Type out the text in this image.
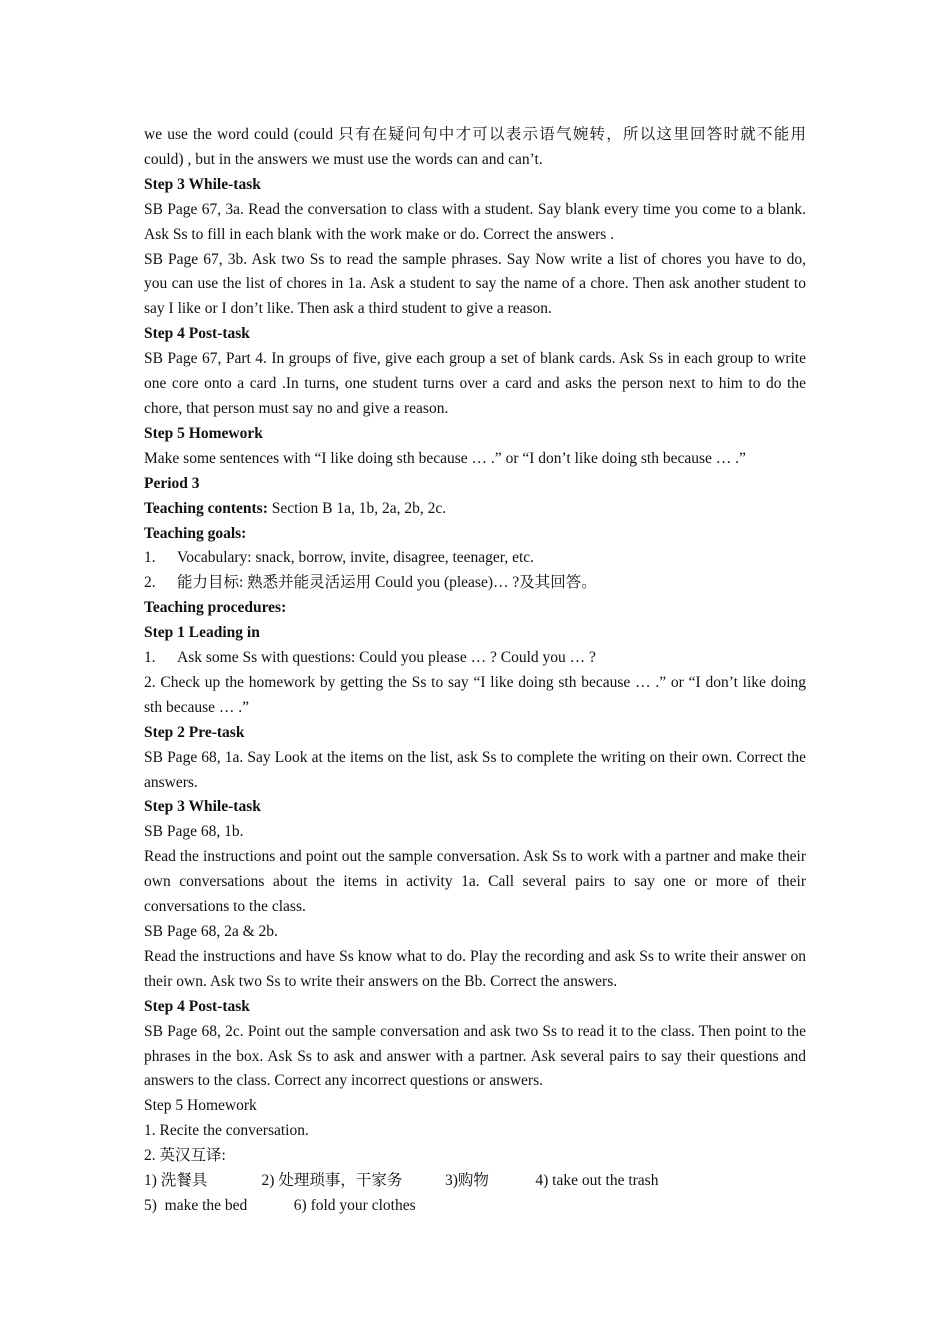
we use the word could (could 只有在疑问句中才可以表示语气婉转，所以这里回答时就不能用 could) , but in the answers we must use the words can and can’t.

Step 3 While-task

SB Page 67, 3a. Read the conversation to class with a student. Say blank every time you come to a blank. Ask Ss to fill in each blank with the work make or do. Correct the answers .

SB Page 67, 3b. Ask two Ss to read the sample phrases. Say Now write a list of chores you have to do, you can use the list of chores in 1a. Ask a student to say the name of a chore. Then ask another student to say I like or I don’t like. Then ask a third student to give a reason.

Step 4 Post-task

SB Page 67, Part 4. In groups of five, give each group a set of blank cards. Ask Ss in each group to write one core onto a card .In turns, one student turns over a card and asks the person next to him to do the chore, that person must say no and give a reason.

Step 5 Homework

Make some sentences with “I like doing sth because … .” or “I don’t like doing sth because … .”

Period 3

Teaching contents: Section B 1a, 1b, 2a, 2b, 2c.

Teaching goals:

1.	Vocabulary: snack, borrow, invite, disagree, teenager, etc.
2.	能力目标: 熟悉并能灵活运用 Could you (please)… ?及其回答。

Teaching procedures:

Step 1 Leading in

1.	Ask some Ss with questions: Could you please … ? Could you … ?

2. Check up the homework by getting the Ss to say “I like doing sth because … .” or “I don’t like doing sth because … .”

Step 2 Pre-task

SB Page 68, 1a. Say Look at the items on the list, ask Ss to complete the writing on their own. Correct the answers.

Step 3 While-task

SB Page 68, 1b.

Read the instructions and point out the sample conversation. Ask Ss to work with a partner and make their own conversations about the items in activity 1a. Call several pairs to say one or more of their conversations to the class.

SB Page 68, 2a & 2b.

Read the instructions and have Ss know what to do. Play the recording and ask Ss to write their answer on their own. Ask two Ss to write their answers on the Bb. Correct the answers.

Step 4 Post-task

SB Page 68, 2c. Point out the sample conversation and ask two Ss to read it to the class. Then point to the phrases in the box. Ask Ss to ask and answer with a partner. Ask several pairs to say their questions and answers to the class. Correct any incorrect questions or answers.

Step 5 Homework

1. Recite the conversation.

2. 英汉互译:

1) 洗餐具              2) 处理琐事，干家务           3)购物            4) take out the trash

5)  make the bed            6) fold your clothes
